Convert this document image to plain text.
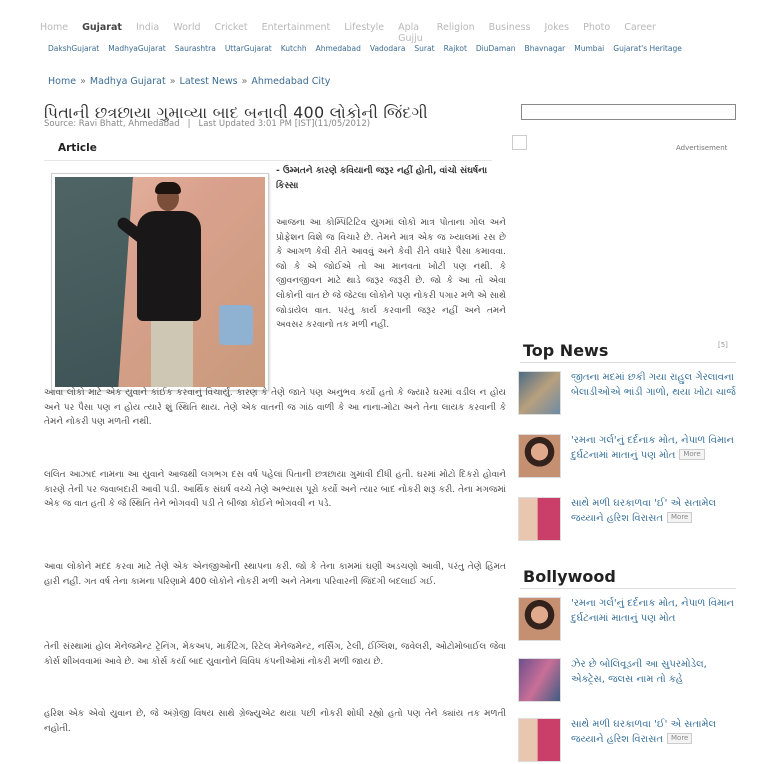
Home Gujarat India World Cricket Entertainment Lifestyle Apla Gujju
Religion Business Jokes Photo Career
DakshGujarat MadhyaGujarat Saurashtra UttarGujarat Kutchh Ahmedabad Vadodara Surat Rajkot DiuDaman Bhavnagar Mumbai Gujarat's Heritage
Home » Madhya Gujarat » Latest News » Ahmedabad City
પિતાની છત્રછાયા ગુમાવ્યા બાદ બનાવી 400 લોકોની જિંદગી
Source: Ravi Bhatt, Ahmedabad | Last Updated 3:01 PM [IST](11/05/2012)
Article	Advertisement
- ઉમ્મતને કારણે કવિયાની જરૂર નહીં હોતી, વાંચો સંઘર્ષના કિસ્સા

આજના આ કોમ્પિટિટિવ યુગમાં લોકો માત્ર પોતાના ગોલ અને પ્રોફેશન વિશે જ વિચારે છે. તેમને માત્ર એક જ ખ્યાલમાં રસ છે કે આગળ કેવી રીતે આવવું અને કેવી રીતે વધારે પૈસા કમાવવા. જો કે એ જોઈએ તો આ માનવતા ખોટી પણ નથી. કે જીવનજીવન માટે થાડે જરૂર જરૂરી છે. જો કે આ તો એવા લોકોની વાત છે જે જેટલા લોકોને પણ નોકરી પગાર મળે એ સાથે જોડાયેલ વાત. પરંતુ કાર્ય કરવાની જરૂર નહીં અને તમને અવસર કરવાનો તક મળી નહીં.

આવા લોકો માટે એક યુવાને કાંઈક કરવાનું વિચાર્યું. કારણ કે તેણે જાતે પણ અનુભવ કર્યો હતો કે જ્યારે ઘરમાં વડીલ ન હોય અને પર પૈસા પણ ન હોય ત્યારે શું સ્થિતિ થાય. તેણે એક વાતની જ ગાંઠ વાળી કે આ નાના-મોટા અને તેના લાયક કરવાની કે તેમને નોકરી પણ મળતી નથી.

લલિત આઝાદ નામના આ યુવાને આજથી લગભગ દસ વર્ષ પહેલાં પિતાની છત્રછાયા ગુમાવી દીધી હતી. ઘરમાં મોટો દિકરો હોવાને કારણે તેની પર જવાબદારી આવી પડી. આર્થિક સંઘર્ષ વચ્ચે તેણે અભ્યાસ પૂરો કર્યો અને ત્યાર બાદ નોકરી શરૂ કરી. તેના મગજમાં એક જ વાત હતી કે જે સ્થિતિ તેને ભોગવવી પડી તે બીજા કોઈને ભોગવવી ન પડે.

આવા લોકોને મદદ કરવા માટે તેણે એક એનજીઓની સ્થાપના કરી. જો કે તેના કામમાં ઘણી અડચણો આવી, પરંતુ તેણે હિંમત હારી નહીં. ગત વર્ષ તેના કામના પરિણામે 400 લોકોને નોકરી મળી અને તેમના પરિવારની જિંદગી બદલાઈ ગઈ.

તેની સંસ્થામાં હોલ મેનેજમેન્ટ ટ્રેનિંગ, મેકઅપ, માર્કેટિંગ, રિટેલ મેનેજમેન્ટ, નર્સિંગ, ટેલી, ઈંગ્લિશ, જવેલરી, ઓટોમોબાઈલ જેવા કોર્સ શીખવવામાં આવે છે. આ કોર્સ કર્યા બાદ યુવાનોને વિવિધ કંપનીઓમાં નોકરી મળી જાય છે.

હરિશ એક એવો યુવાન છે, જે અંગ્રેજી વિષય સાથે ગ્રેજ્યુએટ થયા પછી નોકરી શોધી રહ્યો હતો પણ તેને ક્યાંય તક મળતી નહોતી.

Top News	[5]
જીતના મદમાં છકી ગયા રાહુલ ગેરલાવના બેલાડીઓએ ભાંડી ગાળો, થયા ખોટા ચાર્જ
'રમના ગર્લ'નું દર્દનાક મોત, નેપાળ વિમાન દુર્ઘટનામાં માતાનું પણ મોત More
સાથે મળી ઘરકાળવા 'ઈ' એ સતામેલ જય્યાને હરિશ વિરાસત More
Bollywood
'રમના ગર્લ'નું દર્દનાક મોત, નેપાળ વિમાન દુર્ઘટનામાં માતાનું પણ મોત
ઝેર છે બોલિવૂડની આ સુપરમોડેલ, એક્ટ્રેસ, જલસ નામ તો કહે
સાથે મળી ઘરકાળવા 'ઈ' એ સતામેલ જય્યાને હરિશ વિરાસત More
